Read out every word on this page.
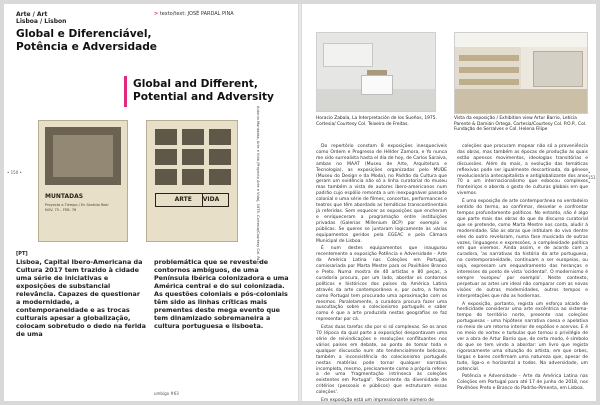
Arte / Art
Lisboa / Lisbon
> texto/text: JOSÉ PARDAL PINA
Global e Diferenciável, Potência e Adversidade
Global and Different,
Potential and Adversity
MUNTADAS
Proyecto a Tiempo / En Sentido Real NOV. 75 – FEB. 76
ARTE VIDA	Antonio Muntadas, Arte e Vida (Proyecto Arte e Vida), 1975. Cortesia/Courtesy Col. RLD
• 150 •
[PT]
Lisboa, Capital Ibero-Americana da Cultura 2017 tem trazido à cidade uma série de iniciativas e exposições de substancial relevância. Capazes de questionar a modernidade, a contemporaneidade e as trocas culturais apesar a globalização, colocam sobretudo o dedo na ferida de uma
problemática que se reveste de contornos ambíguos, de uma Península Ibérica colonizadora e uma América central e do sul colonizada. As questões coloniais e pós-coloniais têm sido as linhas críticas mais prementes deste mega evento que tem dinamizado sobremaneira a cultura portuguesa e lisboeta.
umbigo #63
Horacio Zabala, La Interpretación de los Sueños, 1975. Cortesia/ Courtesy Col. Teixeira de Freitas.
Vista da exposição / Exhibition view Artur Barrio, Letícia Parente & Damián Ortega. Cortesia/Courtesy Col. P.O.P., Col. Fundação de Serralves e Col. Helena Filipe

Do repertório constam 8 exposições inesquecíveis como Ordem e Progresso de Hélder Zamora, e Yo nunca me sido surrealista hasta el día de hoy, de Carlos Saraiva, ambas no MAAT (Museu de Arte, Arquitetura e Tecnologia), as exposições organizadas pelo MUDE (Museu do Design e da Moda), no Padrão da Cultura que geram um evidência não só a linha curatorial do museu mas também a vista de autores ibero-americanos num padrão cujo espólio remonta a um inexpugnável passado colonial e uma série de filmes, concertos, performances e teatros que têm abordado as temáticas transcontinentais já referidas. Sem esquecer as exposições que encheram e enriqueceram a programação entre instituições privadas (Galerias Millenium BCP) por exemplo e públicas. Se queres se juntaram logicamente às várias equipamentos geridos pela EGEAC e pela Câmara Municipal de Lisboa.

É num destes equipamentos que inaugurou recentemente a exposição Potência e Adversidade - Arte da América Latina nas Coleções em Portugal, comissariada por Marta Mestre para os Pavilhões Branco e Preto. Numa mostra de 40 artistas e 80 peças, a curadoria procura, por um lado, abordar os contornos políticos e históricos dos países da América Latina através da arte contemporânea e, por outro, a forma como Portugal tem procurado uma aproximação com os mesmos. Paralelamente, a curadora procura fazer uma auscultação sobre o colecionismo português e saber como é que a arte produzida nestas geografias se faz representar por cá.

Estas duas tarefas são por si só complexas. Se os anos 70 (época da qual parte a exposição) despontavam uma série de reivindicações e resoluções conflituantes nos vários países em debate, ao ponto de tomar toda e qualquer discussão num ato tendencialmente belicoso, também a inconsistência do colecionismo português nestas matérias pode tornar qualquer narrativa incompleta, mesmo, precisamente como a própria refere: a de uma 'fragmentação intrínseca às coleções existentes em Portugal'. 'Recorrente da diversidade de critérios (pessoais e públicos) que estruturam essas coleções'.

Em exposição está um impressionante número de

coleções que procuram mapear não só a proveniência das obras, mas também as épocas de produção às quais estão apensos movimentos, ideologias transitórias e discussões. Além do mais, a evolução das temáticas reflexivas pode ser igualmente descortinada, da génese revolucionária antecapitalista e antiglobalizante dos anos 70 a um internacionalismo que esbocou complexos fronteiriços e aborda o gosto de culturas globais em que vivemos.

É uma exposição de arte contemporânea no verdadeiro sentido do termo, ao confirmar, desvelar e confrontar tempos profundamente políticos. No entanto, não é algo que parte mais das obras do que do discurso curatorial que se pretende, como Marta Mestre nos conta, aludir à modernidade. São as obras que intitulam do vivo dentre eles do outro revelaram, numa fase musicada de outras vozes, linguagens e expressões, a complexidade política em que vivemos. Ainda assim, e de acordo com a curadora, 'as narrativas da história da arte portuguesa, na contemporaneidade, continuam a ser europeias, ou seja, expressam um enquadramento das heranças e interesses do ponto de vista 'ocidental'. O modernismo é sempre 'europeu' por exemplo'. Neste contexto, perpetuar as artes um ideal não comparar com as novas visões de outras modernidades, outros tempos e interpretações que não as hodiernas.

A exposição, portanto, regista um esforço alcado de herdicidade considerar uma arte excêntrica ao sistema-tempo do território norte, presente nas coleções portuguesas - uma hipótese narrativa coesa e apelativa no meio de um retorno interior de espólios e acervos. E é no meio do vortex e turbulas que tornou o privilégio de ver a obra de Artur Barrio que, de certo modo, é símbolo do que se tem vindo a abordar: um livro que regista rigorosamente uma situação do artista, em que orbes, largas e bares confirmam uma natureza que, apesar de tudo, liga-o e horizontal a todos. Na adversidade, um potencial.

Potência e Adversidade - Arte da América Latina nas Coleções em Portugal para até 17 de junho de 2018, nos Pavilhões Preto e Branco do Padrão-Pimenta, em Lisboa.

• 151 •
